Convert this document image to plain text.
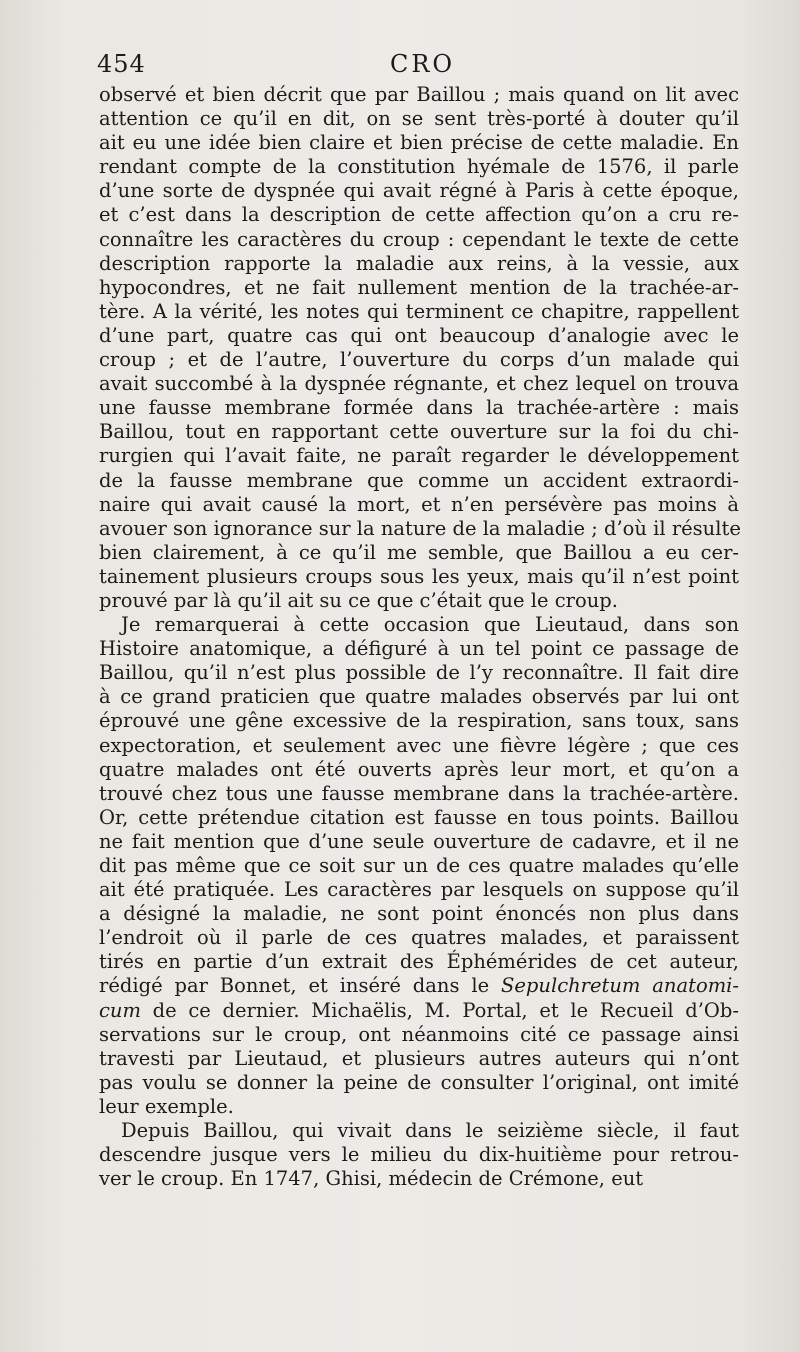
454	CRO
observé et bien décrit que par Baillou ; mais quand on lit avec
attention ce qu’il en dit, on se sent très-porté à douter qu’il
ait eu une idée bien claire et bien précise de cette maladie. En
rendant compte de la constitution hyémale de 1576, il parle
d’une sorte de dyspnée qui avait régné à Paris à cette époque,
et c’est dans la description de cette affection qu’on a cru re-
connaître les caractères du croup : cependant le texte de cette
description rapporte la maladie aux reins, à la vessie, aux
hypocondres, et ne fait nullement mention de la trachée-ar-
tère. A la vérité, les notes qui terminent ce chapitre, rappellent
d’une part, quatre cas qui ont beaucoup d’analogie avec le
croup ; et de l’autre, l’ouverture du corps d’un malade qui
avait succombé à la dyspnée régnante, et chez lequel on trouva
une fausse membrane formée dans la trachée-artère : mais
Baillou, tout en rapportant cette ouverture sur la foi du chi-
rurgien qui l’avait faite, ne paraît regarder le développement
de la fausse membrane que comme un accident extraordi-
naire qui avait causé la mort, et n’en persévère pas moins à
avouer son ignorance sur la nature de la maladie ; d’où il résulte
bien clairement, à ce qu’il me semble, que Baillou a eu cer-
tainement plusieurs croups sous les yeux, mais qu’il n’est point
prouvé par là qu’il ait su ce que c’était que le croup.
Je remarquerai à cette occasion que Lieutaud, dans son
Histoire anatomique, a défiguré à un tel point ce passage de
Baillou, qu’il n’est plus possible de l’y reconnaître. Il fait dire
à ce grand praticien que quatre malades observés par lui ont
éprouvé une gêne excessive de la respiration, sans toux, sans
expectoration, et seulement avec une fièvre légère ; que ces
quatre malades ont été ouverts après leur mort, et qu’on a
trouvé chez tous une fausse membrane dans la trachée-artère.
Or, cette prétendue citation est fausse en tous points. Baillou
ne fait mention que d’une seule ouverture de cadavre, et il ne
dit pas même que ce soit sur un de ces quatre malades qu’elle
ait été pratiquée. Les caractères par lesquels on suppose qu’il
a désigné la maladie, ne sont point énoncés non plus dans
l’endroit où il parle de ces quatres malades, et paraissent
tirés en partie d’un extrait des Éphémérides de cet auteur,
rédigé par Bonnet, et inséré dans le Sepulchretum anatomi-
cum de ce dernier. Michaëlis, M. Portal, et le Recueil d’Ob-
servations sur le croup, ont néanmoins cité ce passage ainsi
travesti par Lieutaud, et plusieurs autres auteurs qui n’ont
pas voulu se donner la peine de consulter l’original, ont imité
leur exemple.
Depuis Baillou, qui vivait dans le seizième siècle, il faut
descendre jusque vers le milieu du dix-huitième pour retrou-
ver le croup. En 1747, Ghisi, médecin de Crémone, eut
